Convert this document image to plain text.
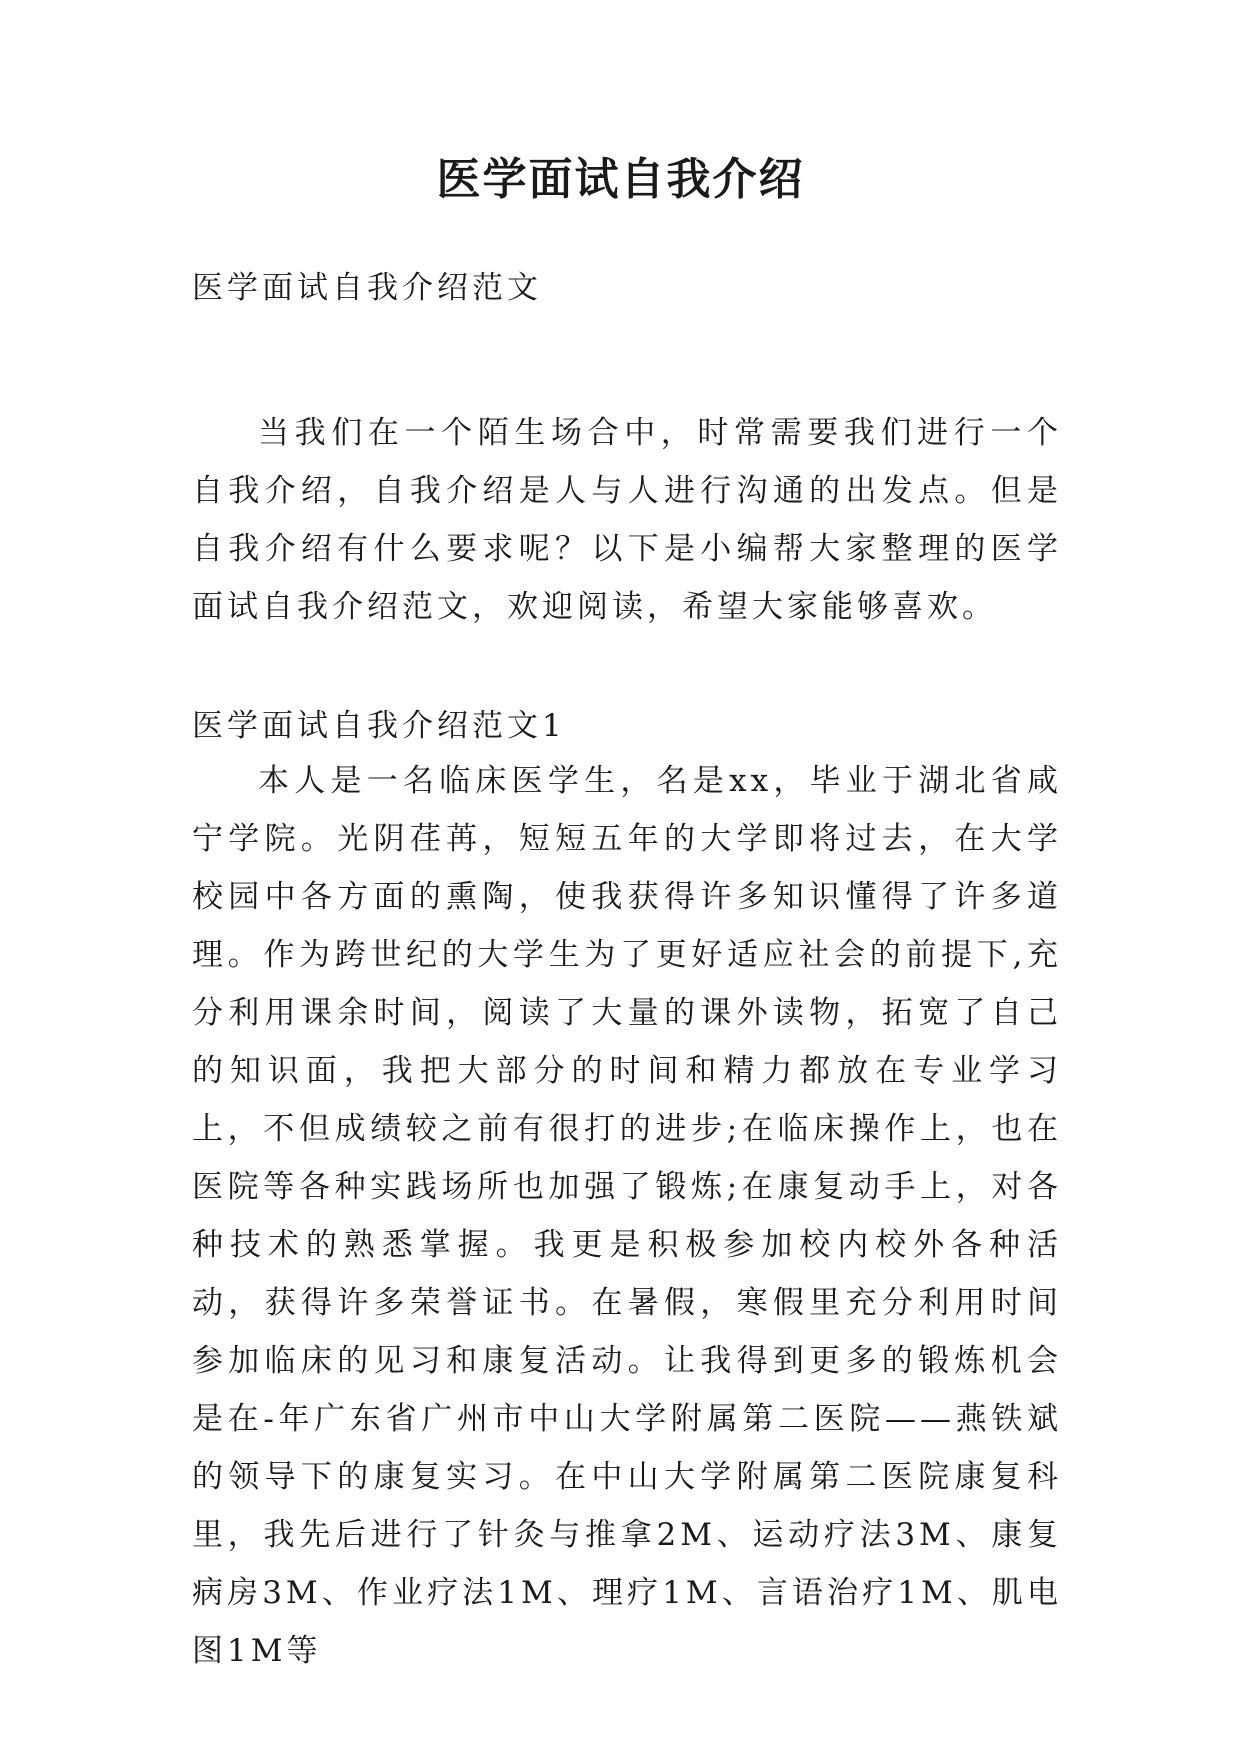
医学面试自我介绍

医学面试自我介绍范文

当我们在一个陌生场合中，时常需要我们进行一个自我介绍，自我介绍是人与人进行沟通的出发点。但是自我介绍有什么要求呢？以下是小编帮大家整理的医学面试自我介绍范文，欢迎阅读，希望大家能够喜欢。

医学面试自我介绍范文1

本人是一名临床医学生，名是xx，毕业于湖北省咸宁学院。光阴荏苒，短短五年的大学即将过去，在大学校园中各方面的熏陶，使我获得许多知识懂得了许多道理。作为跨世纪的大学生为了更好适应社会的前提下,充分利用课余时间，阅读了大量的课外读物，拓宽了自己的知识面，我把大部分的时间和精力都放在专业学习上，不但成绩较之前有很打的进步;在临床操作上，也在医院等各种实践场所也加强了锻炼;在康复动手上，对各种技术的熟悉掌握。我更是积极参加校内校外各种活动，获得许多荣誉证书。在暑假，寒假里充分利用时间参加临床的见习和康复活动。让我得到更多的锻炼机会是在-年广东省广州市中山大学附属第二医院——燕铁斌的领导下的康复实习。在中山大学附属第二医院康复科里，我先后进行了针灸与推拿2M、运动疗法3M、康复病房3M、作业疗法1M、理疗1M、言语治疗1M、肌电图1M等
